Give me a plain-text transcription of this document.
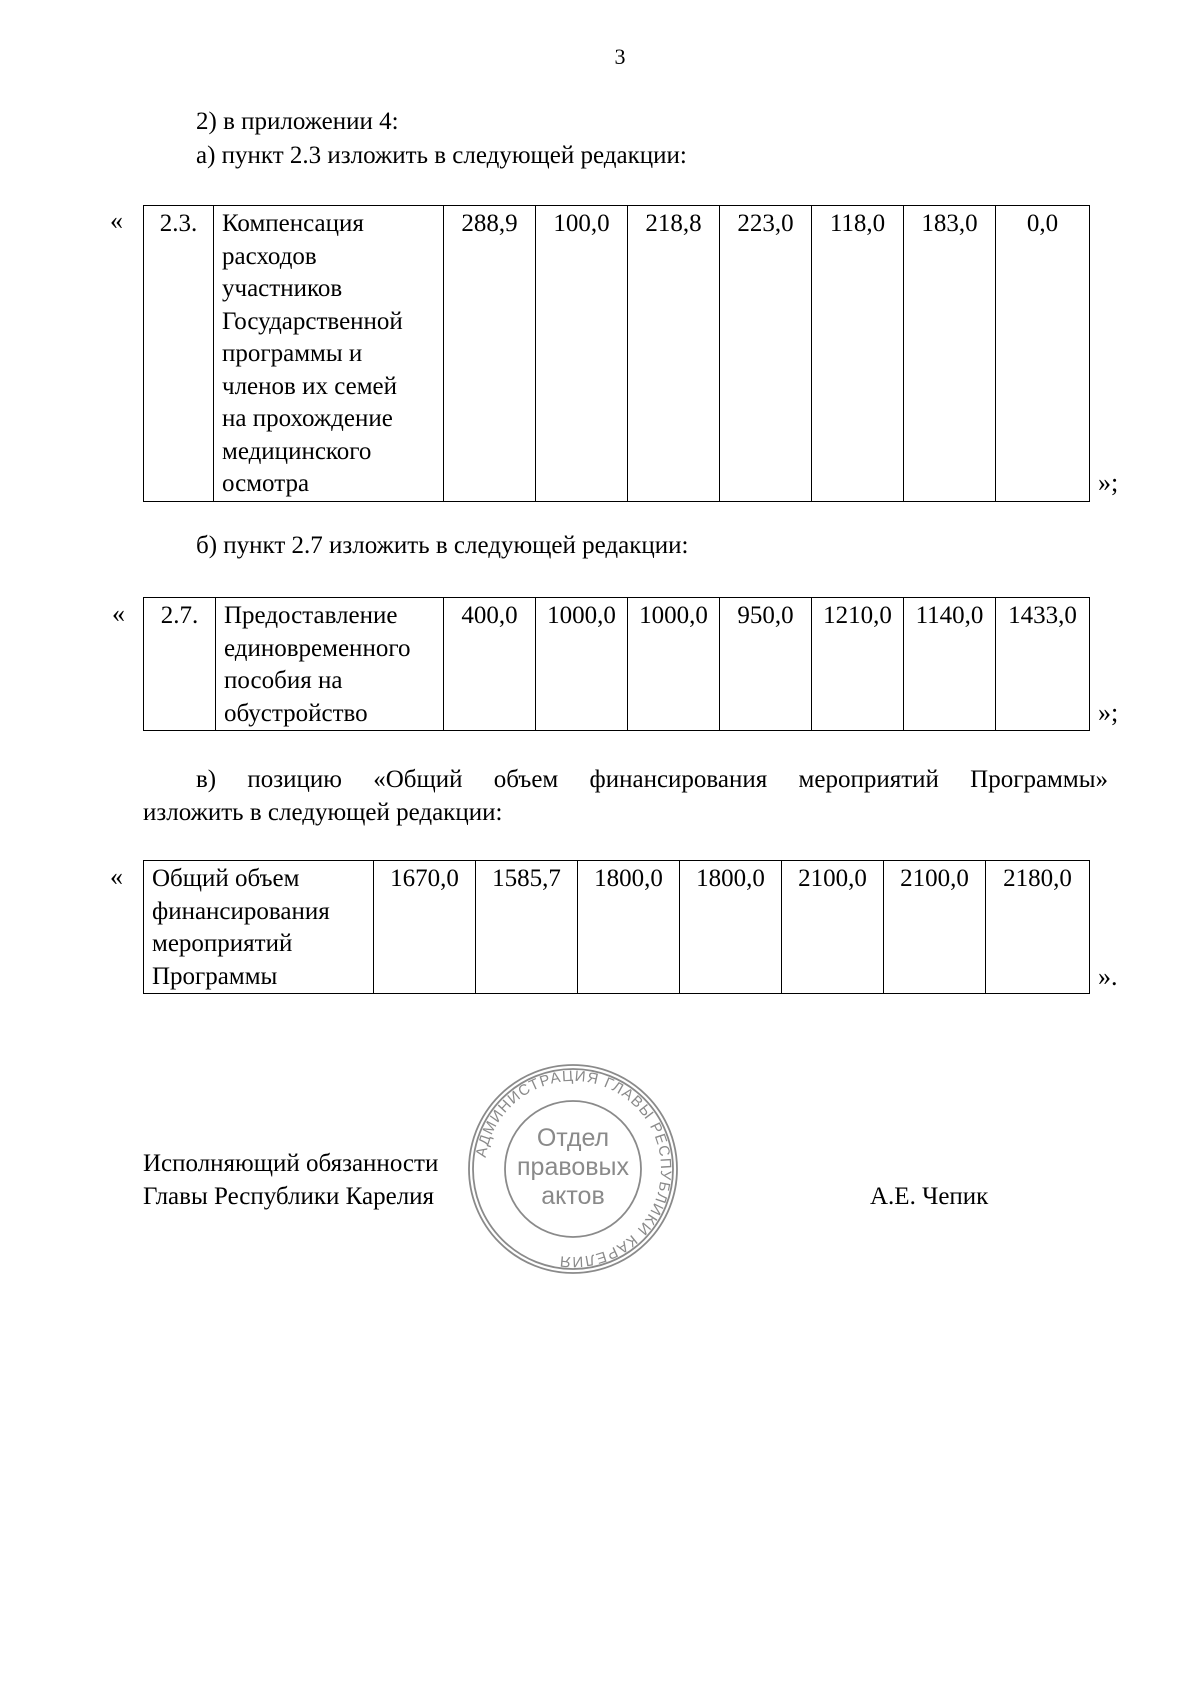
3
2) в приложении 4:
а) пункт 2.3 изложить в следующей редакции:
« 2.3.	Компенсация
расходов
участников
Государственной
программы и
членов их семей
на прохождение
медицинского
осмотра	288,9	100,0	218,8	223,0	118,0	183,0	0,0
»;
б) пункт 2.7 изложить в следующей редакции:
« 2.7.	Предоставление
единовременного
пособия на
обустройство	400,0	1000,0	1000,0	950,0	1210,0	1140,0	1433,0
»;
в) позицию «Общий объем финансирования мероприятий Программы»
изложить в следующей редакции:
« Общий объем
финансирования
мероприятий
Программы	1670,0	1585,7	1800,0	1800,0	2100,0	2100,0	2180,0
».
Исполняющий обязанности
Главы Республики Карелия	А.Е. Чепик
АДМИНИСТРАЦИЯ ГЛАВЫ РЕСПУБЛИКИ КАРЕЛИЯ
Отдел
правовых
актов
